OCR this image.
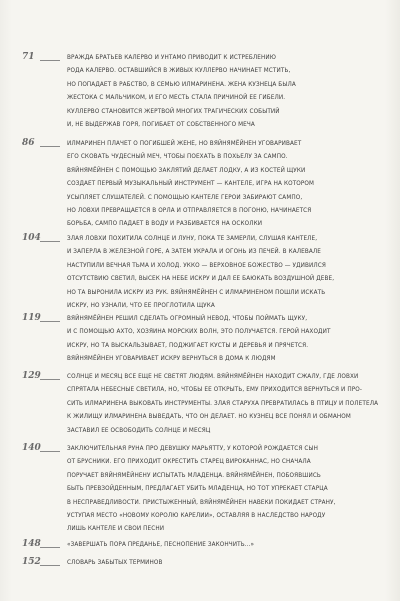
71	ВРАЖДА БРАТЬЕВ КАЛЕРВО И УНТАМО ПРИВОДИТ К ИСТРЕБЛЕНИЮ
РОДА КАЛЕРВО. ОСТАВШИЙСЯ В ЖИВЫХ КУЛЛЕРВО НАЧИНАЕТ МСТИТЬ,
НО ПОПАДАЕТ В РАБСТВО, В СЕМЬЮ ИЛМАРИНЕНА. ЖЕНА КУЗНЕЦА БЫЛА
ЖЕСТОКА С МАЛЬЧИКОМ, И ЕГО МЕСТЬ СТАЛА ПРИЧИНОЙ ЕЕ ГИБЕЛИ.
КУЛЛЕРВО СТАНОВИТСЯ ЖЕРТВОЙ МНОГИХ ТРАГИЧЕСКИХ СОБЫТИЙ
И, НЕ ВЫДЕРЖАВ ГОРЯ, ПОГИБАЕТ ОТ СОБСТВЕННОГО МЕЧА
86	ИЛМАРИНЕН ПЛАЧЕТ О ПОГИБШЕЙ ЖЕНЕ, НО ВЯЙНЯМЁЙНЕН УГОВАРИВАЕТ
ЕГО СКОВАТЬ ЧУДЕСНЫЙ МЕЧ, ЧТОБЫ ПОЕХАТЬ В ПОХЬЕЛУ ЗА САМПО.
ВЯЙНЯМЁЙНЕН С ПОМОЩЬЮ ЗАКЛЯТИЙ ДЕЛАЕТ ЛОДКУ, А ИЗ КОСТЕЙ ЩУКИ
СОЗДАЕТ ПЕРВЫЙ МУЗЫКАЛЬНЫЙ ИНСТРУМЕНТ — КАНТЕЛЕ, ИГРА НА КОТОРОМ
УСЫПЛЯЕТ СЛУШАТЕЛЕЙ. С ПОМОЩЬЮ КАНТЕЛЕ ГЕРОИ ЗАБИРАЮТ САМПО,
НО ЛОВХИ ПРЕВРАЩАЕТСЯ В ОРЛА И ОТПРАВЛЯЕТСЯ В ПОГОНЮ, НАЧИНАЕТСЯ
БОРЬБА, САМПО ПАДАЕТ В ВОДУ И РАЗБИВАЕТСЯ НА ОСКОЛКИ
104	ЗЛАЯ ЛОВХИ ПОХИТИЛА СОЛНЦЕ И ЛУНУ, ПОКА ТЕ ЗАМЕРЛИ, СЛУШАЯ КАНТЕЛЕ,
И ЗАПЕРЛА В ЖЕЛЕЗНОЙ ГОРЕ, А ЗАТЕМ УКРАЛА И ОГОНЬ ИЗ ПЕЧЕЙ. В КАЛЕВАЛЕ
НАСТУПИЛИ ВЕЧНАЯ ТЬМА И ХОЛОД. УККО — ВЕРХОВНОЕ БОЖЕСТВО — УДИВИЛСЯ
ОТСУТСТВИЮ СВЕТИЛ, ВЫСЕК НА НЕБЕ ИСКРУ И ДАЛ ЕЕ БАЮКАТЬ ВОЗДУШНОЙ ДЕВЕ,
НО ТА ВЫРОНИЛА ИСКРУ ИЗ РУК. ВЯЙНЯМЁЙНЕН С ИЛМАРИНЕНОМ ПОШЛИ ИСКАТЬ
ИСКРУ, НО УЗНАЛИ, ЧТО ЕЕ ПРОГЛОТИЛА ЩУКА
119	ВЯЙНЯМЁЙНЕН РЕШИЛ СДЕЛАТЬ ОГРОМНЫЙ НЕВОД, ЧТОБЫ ПОЙМАТЬ ЩУКУ,
И С ПОМОЩЬЮ АХТО, ХОЗЯИНА МОРСКИХ ВОЛН, ЭТО ПОЛУЧАЕТСЯ. ГЕРОЙ НАХОДИТ
ИСКРУ, НО ТА ВЫСКАЛЬЗЫВАЕТ, ПОДЖИГАЕТ КУСТЫ И ДЕРЕВЬЯ И ПРЯЧЕТСЯ.
ВЯЙНЯМЁЙНЕН УГОВАРИВАЕТ ИСКРУ ВЕРНУТЬСЯ В ДОМА К ЛЮДЯМ
129	СОЛНЦЕ И МЕСЯЦ ВСЕ ЕЩЕ НЕ СВЕТЯТ ЛЮДЯМ. ВЯЙНЯМЁЙНЕН НАХОДИТ СЖАЛУ, ГДЕ ЛОВХИ
СПРЯТАЛА НЕБЕСНЫЕ СВЕТИЛА, НО, ЧТОБЫ ЕЕ ОТКРЫТЬ, ЕМУ ПРИХОДИТСЯ ВЕРНУТЬСЯ И ПРО-
СИТЬ ИЛМАРИНЕНА ВЫКОВАТЬ ИНСТРУМЕНТЫ. ЗЛАЯ СТАРУХА ПРЕВРАТИЛАСЬ В ПТИЦУ И ПОЛЕТЕЛА
К ЖИЛИЩУ ИЛМАРИНЕНА ВЫВЕДАТЬ, ЧТО ОН ДЕЛАЕТ. НО КУЗНЕЦ ВСЕ ПОНЯЛ И ОБМАНОМ
ЗАСТАВИЛ ЕЕ ОСВОБОДИТЬ СОЛНЦЕ И МЕСЯЦ
140	ЗАКЛЮЧИТЕЛЬНАЯ РУНА ПРО ДЕВУШКУ МАРЬЯТТУ, У КОТОРОЙ РОЖДАЕТСЯ СЫН
ОТ БРУСНИКИ. ЕГО ПРИХОДИТ ОКРЕСТИТЬ СТАРЕЦ ВИРOKАННАС, НО СНАЧАЛА
ПОРУЧАЕТ ВЯЙНЯМЁЙНЕНУ ИСПЫТАТЬ МЛАДЕНЦА. ВЯЙНЯМЁЙНЕН, ПОБОЯВШИСЬ
БЫТЬ ПРЕВЗОЙДЕННЫМ, ПРЕДЛАГАЕТ УБИТЬ МЛАДЕНЦА, НО ТОТ УПРЕКАЕТ СТАРЦА
В НЕСПРАВЕДЛИВОСТИ. ПРИСТЫЖЕННЫЙ, ВЯЙНЯМЁЙНЕН НАВЕКИ ПОКИДАЕТ СТРАНУ,
УСТУПАЯ МЕСТО «НОВОМУ КОРОЛЮ КАРЕЛИИ», ОСТАВЛЯЯ В НАСЛЕДСТВО НАРОДУ
ЛИШЬ КАНТЕЛЕ И СВОИ ПЕСНИ
148	«ЗАВЕРШАТЬ ПОРА ПРЕДАНЬЕ, ПЕСНОПЕНИЕ ЗАКОНЧИТЬ...»
152	СЛОВАРЬ ЗАБЫТЫХ ТЕРМИНОВ
